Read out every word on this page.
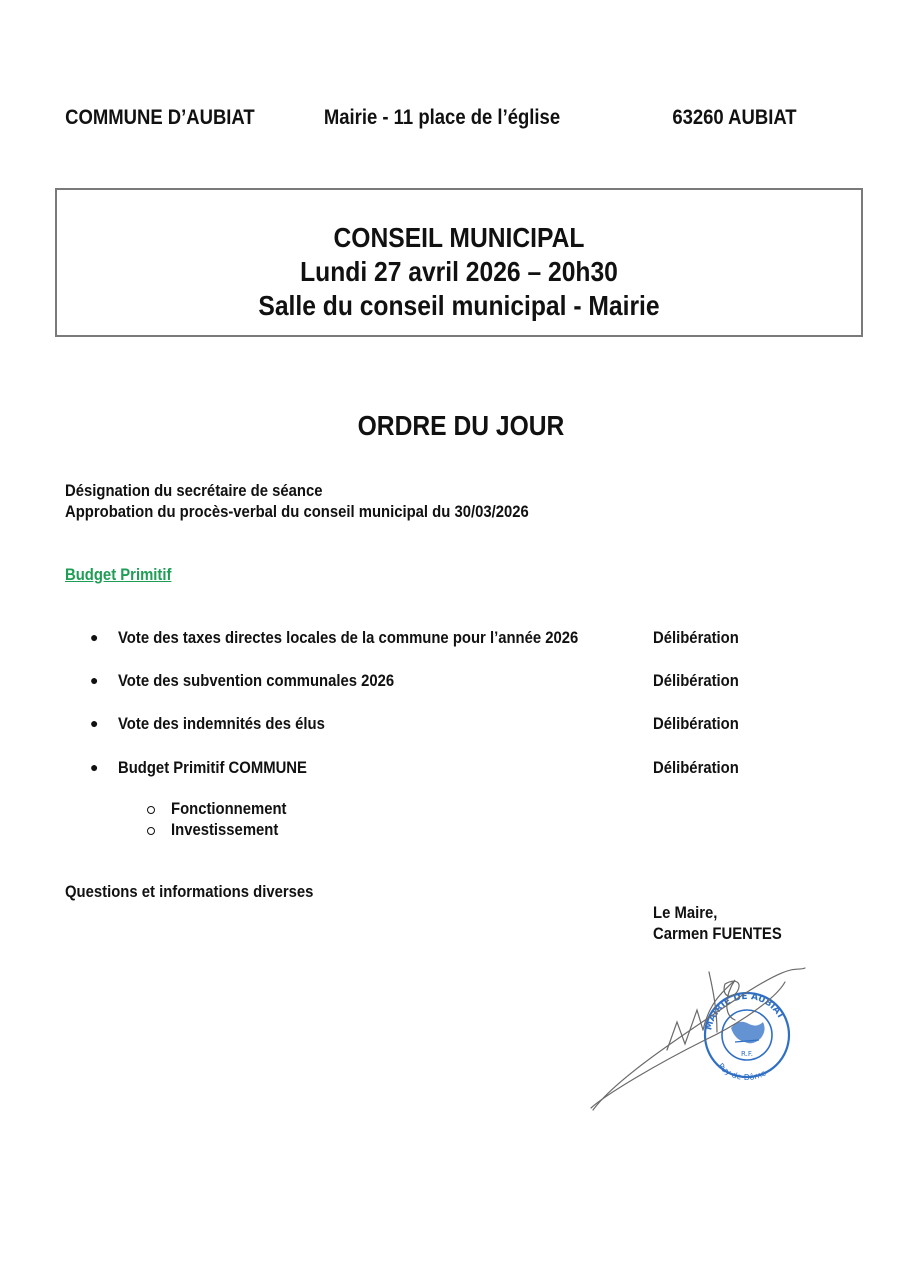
COMMUNE D’AUBIAT	Mairie - 11 place de l’église	63260 AUBIAT
CONSEIL MUNICIPAL
Lundi 27 avril 2026 – 20h30
Salle du conseil municipal - Mairie
ORDRE DU JOUR
Désignation du secrétaire de séance
Approbation du procès-verbal du conseil municipal du 30/03/2026
Budget Primitif
● Vote des taxes directes locales de la commune pour l’année 2026	Délibération
● Vote des subvention communales 2026	Délibération
● Vote des indemnités des élus	Délibération
● Budget Primitif COMMUNE	Délibération
Fonctionnement
Investissement
Questions et informations diverses
Le Maire,
Carmen FUENTES
R.F.
MAIRIE DE AUBIAT
Puy-de-Dôme
